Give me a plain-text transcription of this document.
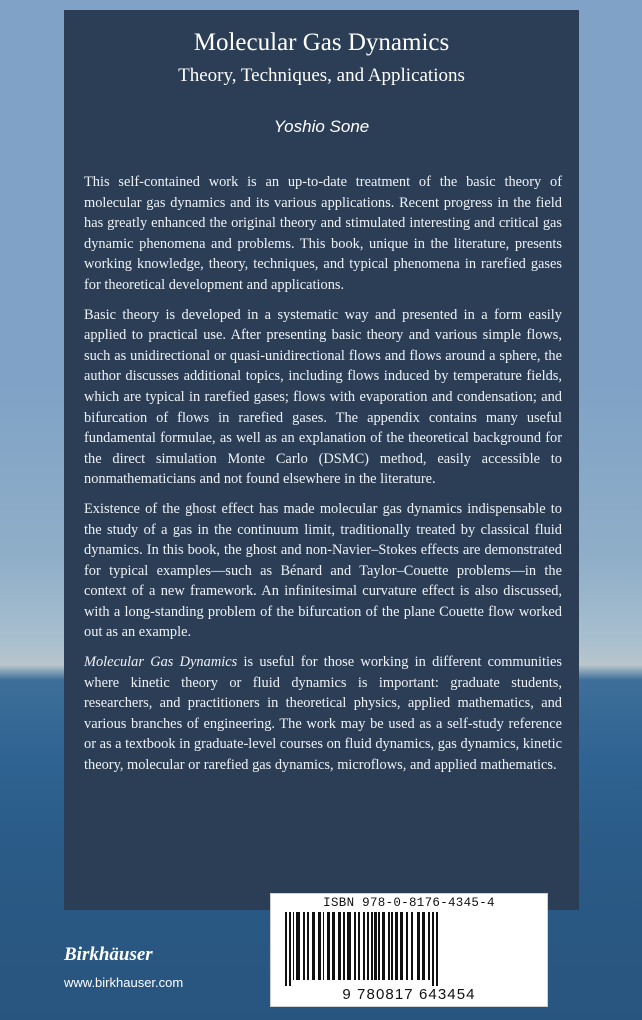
Molecular Gas Dynamics
Theory, Techniques, and Applications
Yoshio Sone

This self-contained work is an up-to-date treatment of the basic theory of molecular gas dynamics and its various applications. Recent progress in the field has greatly enhanced the original theory and stimulated interesting and critical gas dynamic phenomena and problems. This book, unique in the literature, presents working knowledge, theory, techniques, and typical phenomena in rarefied gases for theoretical development and applications.

Basic theory is developed in a systematic way and presented in a form easily applied to practical use. After presenting basic theory and various simple flows, such as unidirectional or quasi-unidirectional flows and flows around a sphere, the author discusses additional topics, including flows induced by temperature fields, which are typical in rarefied gases; flows with evaporation and condensation; and bifurcation of flows in rarefied gases. The appendix contains many useful fundamental formulae, as well as an explanation of the theoretical background for the direct simulation Monte Carlo (DSMC) method, easily accessible to nonmathematicians and not found elsewhere in the literature.

Existence of the ghost effect has made molecular gas dynamics indispensable to the study of a gas in the continuum limit, traditionally treated by classical fluid dynamics. In this book, the ghost and non-Navier–Stokes effects are demonstrated for typical examples—such as Bénard and Taylor–Couette problems—in the context of a new framework. An infinitesimal curvature effect is also discussed, with a long-standing problem of the bifurcation of the plane Couette flow worked out as an example.

Molecular Gas Dynamics is useful for those working in different communities where kinetic theory or fluid dynamics is important: graduate students, researchers, and practitioners in theoretical physics, applied mathematics, and various branches of engineering. The work may be used as a self-study reference or as a textbook in graduate-level courses on fluid dynamics, gas dynamics, kinetic theory, molecular or rarefied gas dynamics, microflows, and applied mathematics.

Birkhäuser
www.birkhauser.com
ISBN 978-0-8176-4345-4
9 780817 643454
